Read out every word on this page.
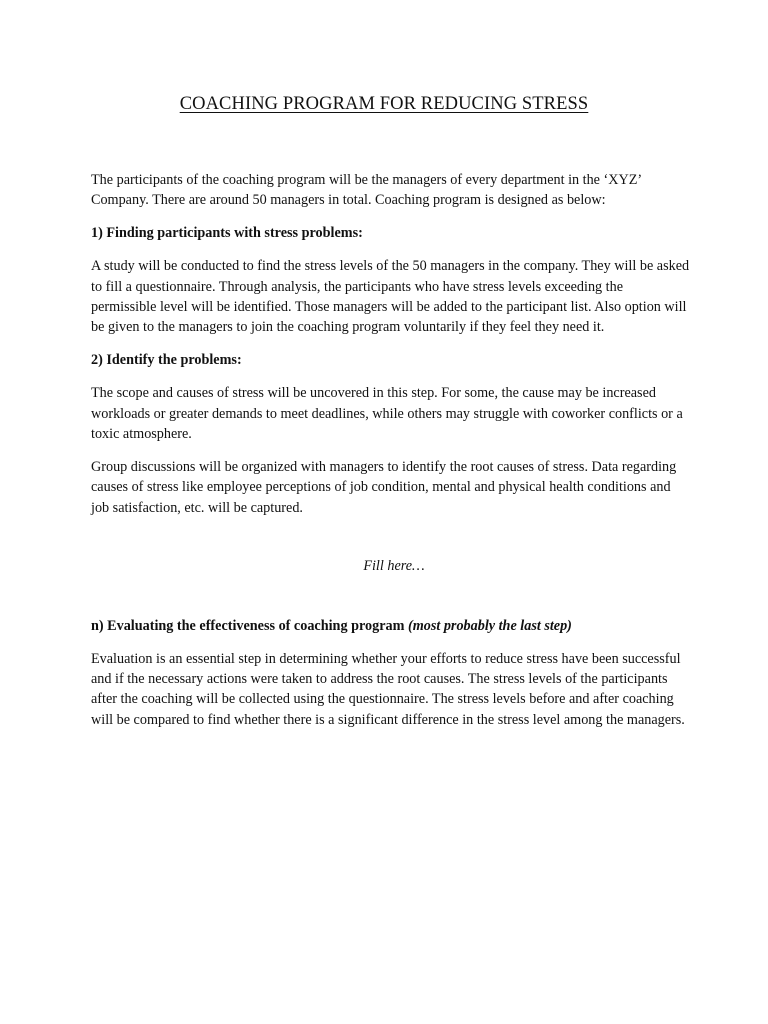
COACHING PROGRAM FOR REDUCING STRESS

The participants of the coaching program will be the managers of every department in the ‘XYZ’ Company. There are around 50 managers in total. Coaching program is designed as below:

1) Finding participants with stress problems:

A study will be conducted to find the stress levels of the 50 managers in the company. They will be asked to fill a questionnaire. Through analysis, the participants who have stress levels exceeding the permissible level will be identified. Those managers will be added to the participant list. Also option will be given to the managers to join the coaching program voluntarily if they feel they need it.

2) Identify the problems:

The scope and causes of stress will be uncovered in this step. For some, the cause may be increased workloads or greater demands to meet deadlines, while others may struggle with coworker conflicts or a toxic atmosphere.

Group discussions will be organized with managers to identify the root causes of stress. Data regarding causes of stress like employee perceptions of job condition, mental and physical health conditions and job satisfaction, etc. will be captured.

Fill here…

n) Evaluating the effectiveness of coaching program (most probably the last step)

Evaluation is an essential step in determining whether your efforts to reduce stress have been successful and if the necessary actions were taken to address the root causes. The stress levels of the participants after the coaching will be collected using the questionnaire. The stress levels before and after coaching will be compared to find whether there is a significant difference in the stress level among the managers.
